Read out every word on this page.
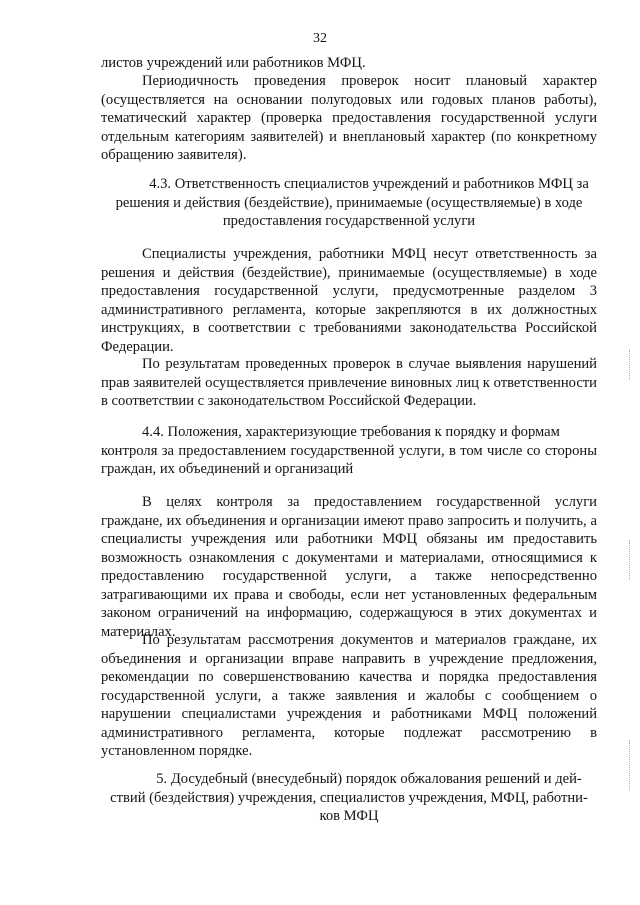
32

листов учреждений или работников МФЦ.

Периодичность проведения проверок носит плановый характер (осуществляется на основании полугодовых или годовых планов работы), тематический характер (проверка предоставления государственной услуги отдельным категориям заявителей) и внеплановый характер (по конкретному обращению заявителя).

4.3. Ответственность специалистов учреждений и работников МФЦ за

решения и действия (бездействие), принимаемые (осуществляемые) в ходе

предоставления государственной услуги

Специалисты учреждения, работники МФЦ несут ответственность за решения и действия (бездействие), принимаемые (осуществляемые) в ходе предоставления государственной услуги, предусмотренные разделом 3 административного регламента, которые закрепляются в их должностных инструкциях, в соответствии с требованиями законодательства Российской Федерации.

По результатам проведенных проверок в случае выявления нарушений прав заявителей осуществляется привлечение виновных лиц к ответственности в соответствии с законодательством Российской Федерации.

4.4. Положения, характеризующие требования к порядку и формам

контроля за предоставлением государственной услуги, в том числе со стороны граждан, их объединений и организаций

В целях контроля за предоставлением государственной услуги граждане, их объединения и организации имеют право запросить и получить, а специалисты учреждения или работники МФЦ обязаны им предоставить возможность ознакомления с документами и материалами, относящимися к предоставлению государственной услуги, а также непосредственно затрагивающими их права и свободы, если нет установленных федеральным законом ограничений на информацию, содержащуюся в этих документах и материалах.

По результатам рассмотрения документов и материалов граждане, их объединения и организации вправе направить в учреждение предложения, рекомендации по совершенствованию качества и порядка предоставления государственной услуги, а также заявления и жалобы с сообщением о нарушении специалистами учреждения и работниками МФЦ положений административного регламента, которые подлежат рассмотрению в установленном порядке.

5. Досудебный (внесудебный) порядок обжалования решений и дей-

ствий (бездействия) учреждения, специалистов учреждения, МФЦ, работни-

ков МФЦ
